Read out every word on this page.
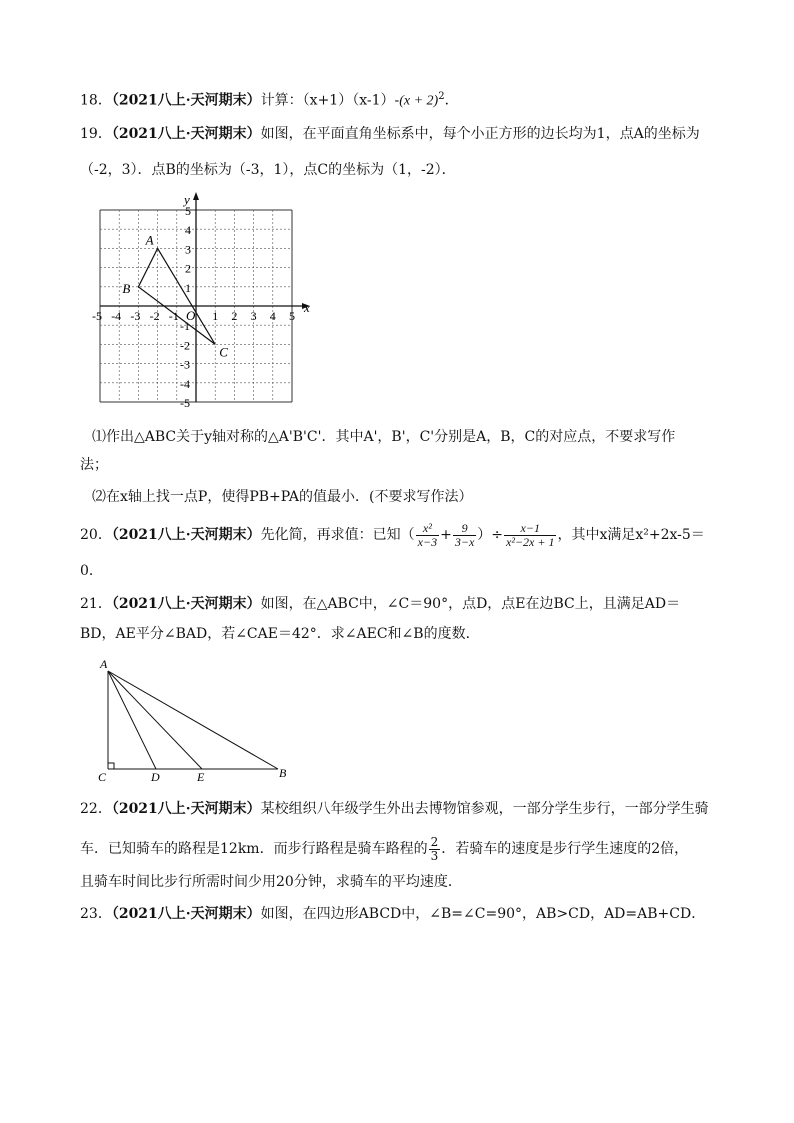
18．（2021八上·天河期末）计算：$(x+1)(x-1)-(x + 2)^2$．
19．（2021八上·天河期末）如图，在平面直角坐标系中，每个小正方形的边长均为1，点A的坐标为
（-2，3）．点B的坐标为（-3，1），点C的坐标为（1，-2）．
-5 -4 -3 -2 -1	1 2 3 4 5
5
4
3
2
1
-1
-2
-3
-4
-5
A
B
C
x
y
O
⑴作出△ABC关于y轴对称的△A'B'C'．其中A'，B'，C'分别是A，B，C的对应点，不要求写作
法；
⑵在x轴上找一点P，使得PB+PA的值最小．(不要求写作法）
20．（2021八上·天河期末）先化简，再求值：已知（ $\frac{\text{x²}}{x-3} + \frac{9}{3-x}$ ）÷ $\frac{x-1}{\text{x²−2x + 1}}$ ，其中x满足x²+2x-5＝
0．
21．（2021八上·天河期末）如图，在△ABC中，∠C＝90°，点D，点E在边BC上，且满足AD＝
BD，AE平分∠BAD，若∠CAE＝42°．求∠AEC和∠B的度数．
A
C	D	E	B
22．（2021八上·天河期末）某校组织八年级学生外出去博物馆参观，一部分学生步行，一部分学生骑
车．已知骑车的路程是12km．而步行路程是骑车路程的 $\frac{2}{3}$ ．若骑车的速度是步行学生速度的2倍，
且骑车时间比步行所需时间少用20分钟，求骑车的平均速度．
23．（2021八上·天河期末）如图，在四边形ABCD中，∠B=∠C=90°，AB>CD，AD=AB+CD．
